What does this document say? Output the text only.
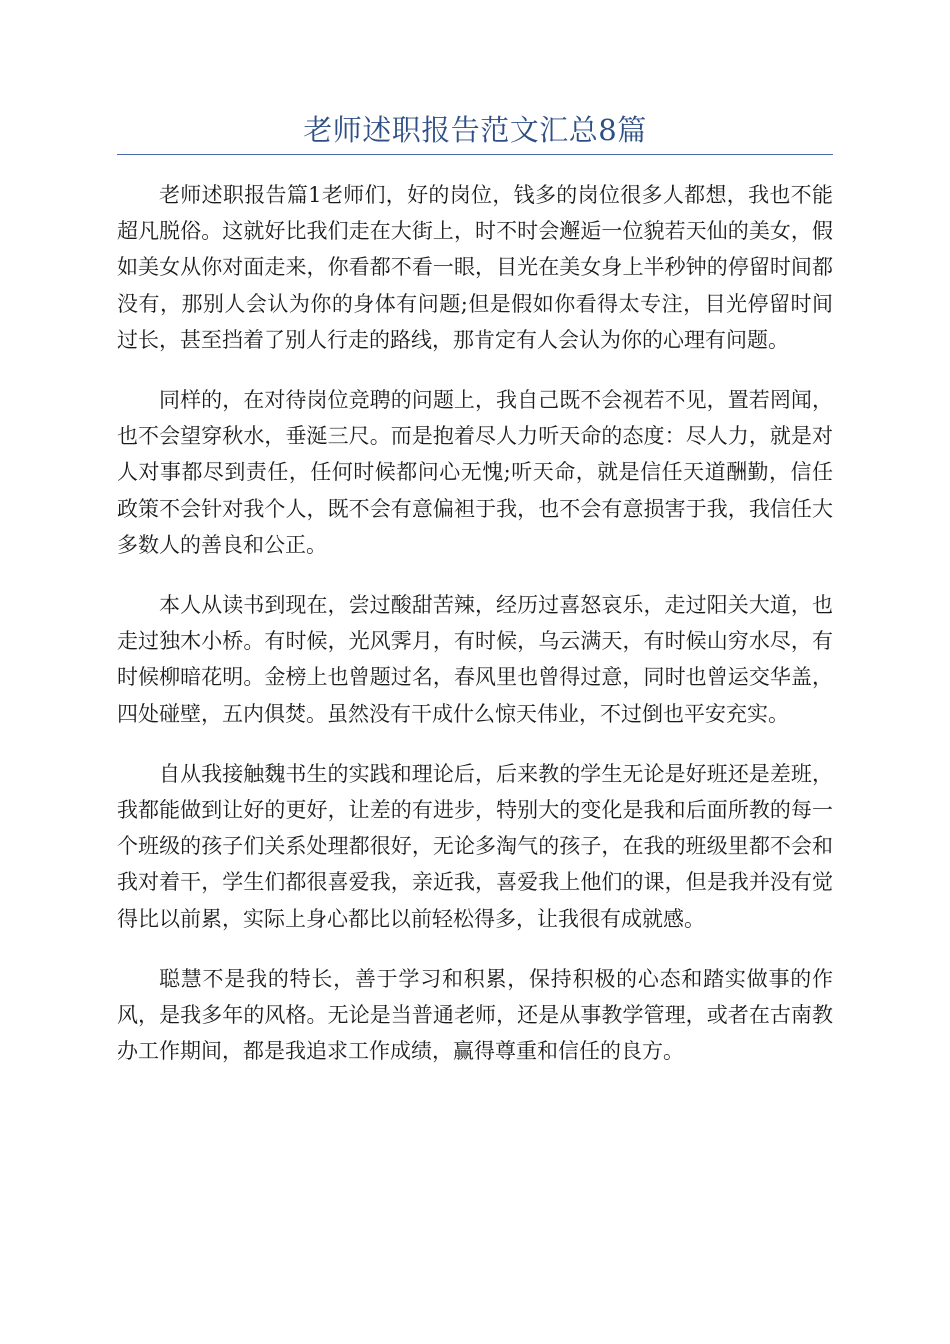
老师述职报告范文汇总8篇

老师述职报告篇1老师们，好的岗位，钱多的岗位很多人都想，我也不能超凡脱俗。这就好比我们走在大街上，时不时会邂逅一位貌若天仙的美女，假如美女从你对面走来，你看都不看一眼，目光在美女身上半秒钟的停留时间都没有，那别人会认为你的身体有问题;但是假如你看得太专注，目光停留时间过长，甚至挡着了别人行走的路线，那肯定有人会认为你的心理有问题。

同样的，在对待岗位竞聘的问题上，我自己既不会视若不见，置若罔闻，也不会望穿秋水，垂涎三尺。而是抱着尽人力听天命的态度：尽人力，就是对人对事都尽到责任，任何时候都问心无愧;听天命，就是信任天道酬勤，信任政策不会针对我个人，既不会有意偏袒于我，也不会有意损害于我，我信任大多数人的善良和公正。

本人从读书到现在，尝过酸甜苦辣，经历过喜怒哀乐，走过阳关大道，也走过独木小桥。有时候，光风霁月，有时候，乌云满天，有时候山穷水尽，有时候柳暗花明。金榜上也曾题过名，春风里也曾得过意，同时也曾运交华盖，四处碰壁，五内俱焚。虽然没有干成什么惊天伟业，不过倒也平安充实。

自从我接触魏书生的实践和理论后，后来教的学生无论是好班还是差班，我都能做到让好的更好，让差的有进步，特别大的变化是我和后面所教的每一个班级的孩子们关系处理都很好，无论多淘气的孩子，在我的班级里都不会和我对着干，学生们都很喜爱我，亲近我，喜爱我上他们的课，但是我并没有觉得比以前累，实际上身心都比以前轻松得多，让我很有成就感。

聪慧不是我的特长，善于学习和积累，保持积极的心态和踏实做事的作风，是我多年的风格。无论是当普通老师，还是从事教学管理，或者在古南教办工作期间，都是我追求工作成绩，赢得尊重和信任的良方。
